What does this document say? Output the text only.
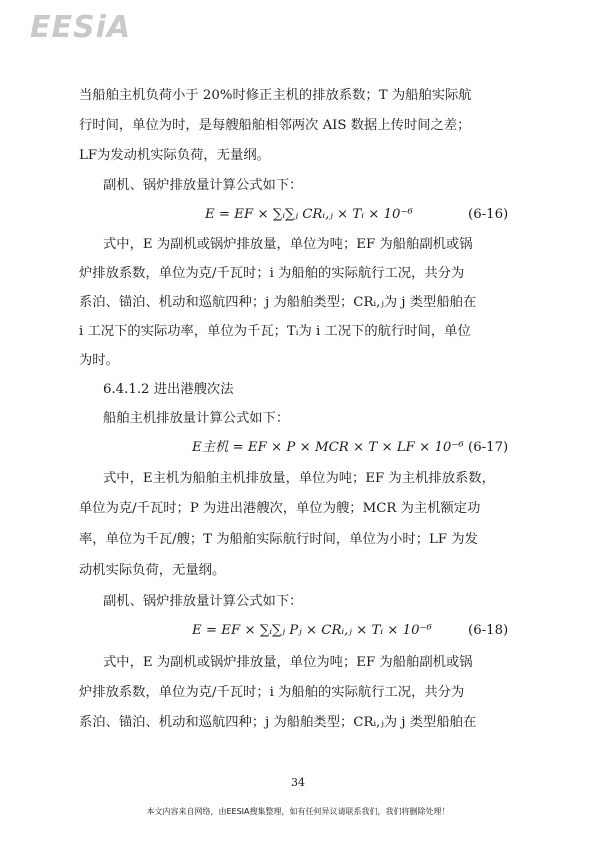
EESiA
当船舶主机负荷小于 20%时修正主机的排放系数；T 为船舶实际航
行时间，单位为时，是每艘船舶相邻两次 AIS 数据上传时间之差；
LF为发动机实际负荷，无量纲。
副机、锅炉排放量计算公式如下：
E = EF × ∑ᵢ∑ⱼ CRᵢ,ⱼ × Tᵢ × 10⁻⁶	(6-16)
式中，E 为副机或锅炉排放量，单位为吨；EF 为船舶副机或锅
炉排放系数，单位为克/千瓦时；i 为船舶的实际航行工况，共分为
系泊、锚泊、机动和巡航四种；j 为船舶类型；CRᵢ,ⱼ为 j 类型船舶在
i 工况下的实际功率，单位为千瓦；Tᵢ为 i 工况下的航行时间，单位
为时。
6.4.1.2 进出港艘次法
船舶主机排放量计算公式如下：
E主机 = EF × P × MCR × T × LF × 10⁻⁶ (6-17)
式中，E主机为船舶主机排放量，单位为吨；EF 为主机排放系数，
单位为克/千瓦时；P 为进出港艘次，单位为艘；MCR 为主机额定功
率，单位为千瓦/艘；T 为船舶实际航行时间，单位为小时；LF 为发
动机实际负荷，无量纲。
副机、锅炉排放量计算公式如下：
E = EF × ∑ᵢ∑ⱼ Pⱼ × CRᵢ,ⱼ × Tᵢ × 10⁻⁶	(6-18)
式中，E 为副机或锅炉排放量，单位为吨；EF 为船舶副机或锅
炉排放系数，单位为克/千瓦时；i 为船舶的实际航行工况，共分为
系泊、锚泊、机动和巡航四种；j 为船舶类型；CRᵢ,ⱼ为 j 类型船舶在
34
本文内容来自网络，由EESIA搜集整理，如有任何异议请联系我们，我们将删除处理！
